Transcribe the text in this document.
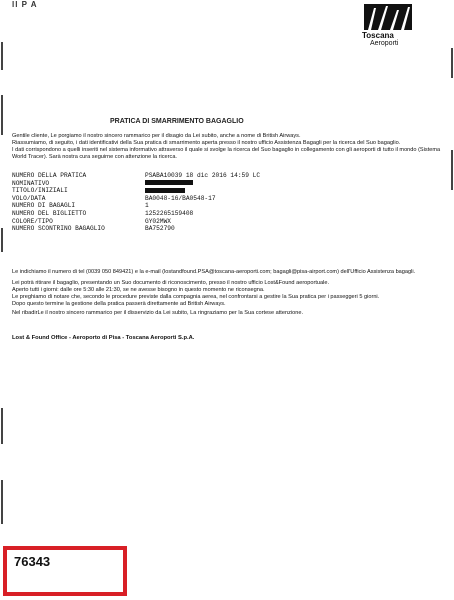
ll P A
Toscana
Aeroporti
PRATICA DI SMARRIMENTO BAGAGLIO
Gentile cliente, Le porgiamo il nostro sincero rammarico per il disagio da Lei subito, anche a nome di British Airways.
Riassumiamo, di seguito, i dati identificativi della Sua pratica di smarrimento aperta presso il nostro ufficio Assistenza Bagagli per la ricerca del Suo bagaglio.
I dati corrispondono a quelli inseriti nel sistema informativo attraverso il quale si svolge la ricerca del Suo bagaglio in collegamento con gli aeroporti di tutto il mondo (Sistema World Tracer). Sarà nostra cura seguirne con attenzione la ricerca.
NUMERO DELLA PRATICA	PSABA10039 18 dic 2016 14:59 LC
NOMINATIVO
TITOLO/INIZIALI
VOLO/DATA	BA0048-16/BA0548-17
NUMERO DI BAGAGLI	1
NUMERO DEL BIGLIETTO	1252265159408
COLORE/TIPO	GY02MWX
NUMERO SCONTRINO BAGAGLIO	BA752790
Le indichiamo il numero di tel (0039 050 849421) e la e-mail (lostandfound.PSA@toscana-aeroporti.com; bagagli@pisa-airport.com) dell'Ufficio Assistenza bagagli.
Lei potrà ritirare il bagaglio, presentando un Suo documento di riconoscimento, presso il nostro ufficio Lost&Found aeroportuale.
Aperto tutti i giorni: dalle ore 5:30 alle 21:30, se ne avesse bisogno in questo momento ne riconsegna.
Le preghiamo di notare che, secondo le procedure previste dalla compagnia aerea, nel confrontarsi a gestire la Sua pratica per i passeggeri 5 giorni.
Dopo questo termine la gestione della pratica passerà direttamente ad British Airways.
Nel ribadirLe il nostro sincero rammarico per il disservizio da Lei subito, La ringraziamo per la Sua cortese attenzione.
Lost & Found Office - Aeroporto di Pisa - Toscana Aeroporti S.p.A.
76343
